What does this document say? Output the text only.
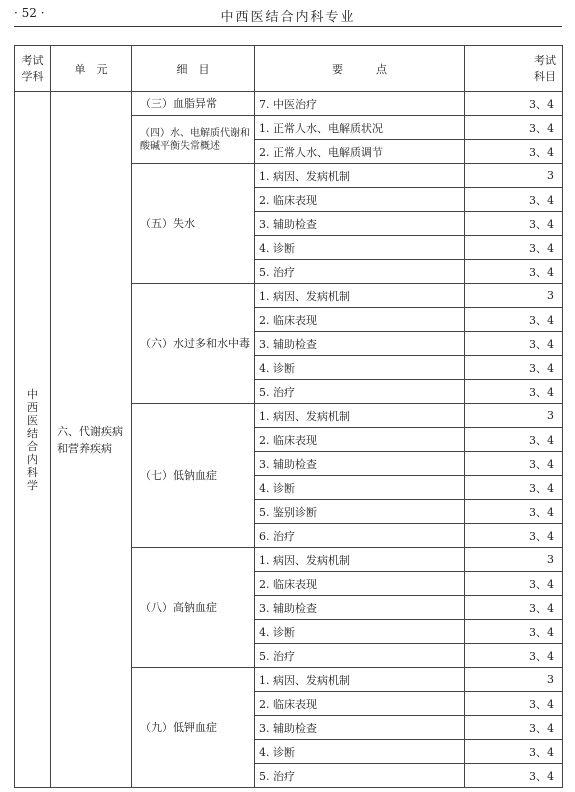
· 52 ·	中西医结合内科专业
考试学科	单　元	细　目	要　　　点	考试科目

中西医结合内科学	六、代谢疾病和营养疾病	（三）血脂异常	7. 中医治疗	3、4
		（四）水、电解质代谢和酸碱平衡失常概述	1. 正常人水、电解质状况	3、4
			2. 正常人水、电解质调节	3、4
		（五）失水	1. 病因、发病机制	3
			2. 临床表现	3、4
			3. 辅助检查	3、4
			4. 诊断	3、4
			5. 治疗	3、4
		（六）水过多和水中毒	1. 病因、发病机制	3
			2. 临床表现	3、4
			3. 辅助检查	3、4
			4. 诊断	3、4
			5. 治疗	3、4
		（七）低钠血症	1. 病因、发病机制	3
			2. 临床表现	3、4
			3. 辅助检查	3、4
			4. 诊断	3、4
			5. 鉴别诊断	3、4
			6. 治疗	3、4
		（八）高钠血症	1. 病因、发病机制	3
			2. 临床表现	3、4
			3. 辅助检查	3、4
			4. 诊断	3、4
			5. 治疗	3、4
		（九）低钾血症	1. 病因、发病机制	3
			2. 临床表现	3、4
			3. 辅助检查	3、4
			4. 诊断	3、4
			5. 治疗	3、4
